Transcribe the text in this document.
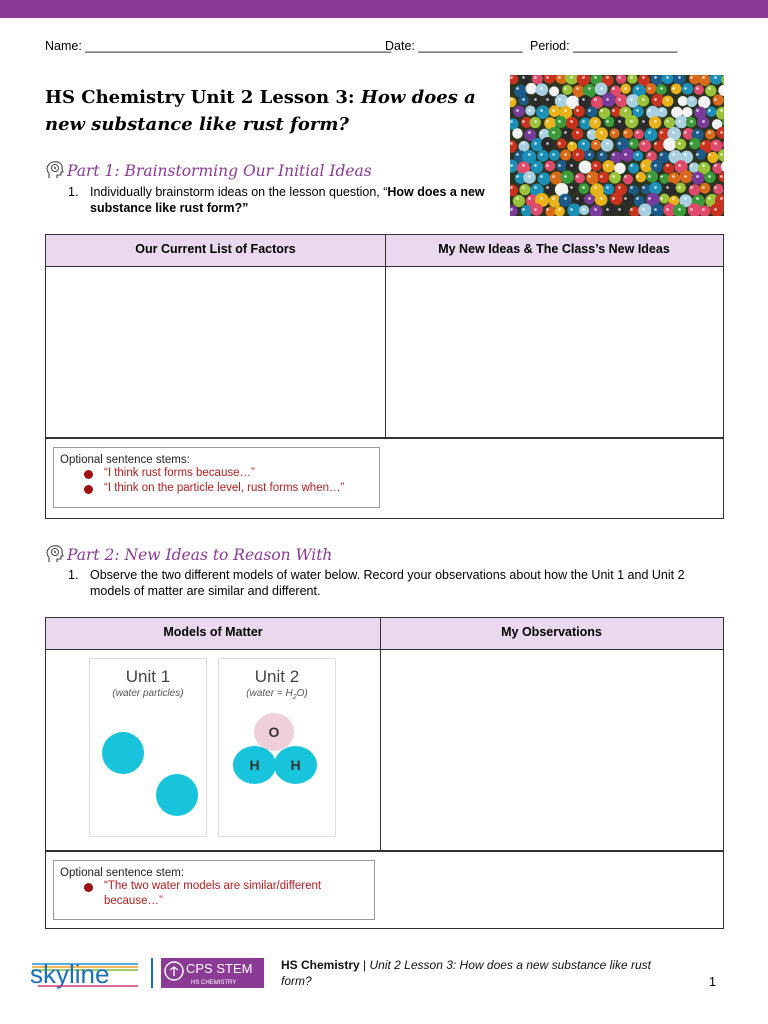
Name: ____________________________________________
Date: _______________ Period: _______________
HS Chemistry Unit 2 Lesson 3: How does a new substance like rust form?
Part 1: Brainstorming Our Initial Ideas
1. Individually brainstorm ideas on the lesson question, “How does a new substance like rust form?”
Our Current List of Factors	My New Ideas & The Class’s New Ideas
Optional sentence stems:
“I think rust forms because…”
“I think on the particle level, rust forms when…”
Part 2: New Ideas to Reason With
1. Observe the two different models of water below. Record your observations about how the Unit 1 and Unit 2 models of matter are similar and different.
Models of Matter	My Observations
Optional sentence stem:
“The two water models are similar/different because…”
Unit 1
(water particles)
Unit 2
(water = $H_2O$)
O
H	H
skyline	CPS STEM
HS CHEMISTRY
HS Chemistry | Unit 2 Lesson 3: How does a new substance like rust form?	1
